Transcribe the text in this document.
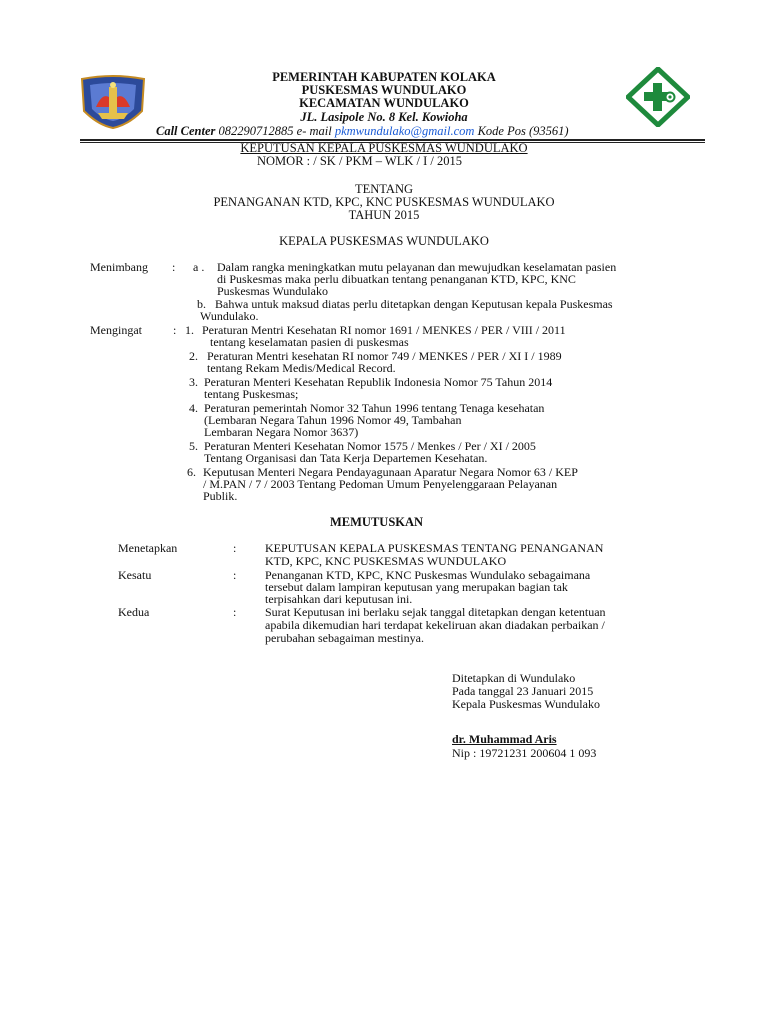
PEMERINTAH KABUPATEN KOLAKA
PUSKESMAS WUNDULAKO
KECAMATAN WUNDULAKO
JL. Lasipole No. 8 Kel. Kowioha
Call Center 082290712885 e- mail pkmwundulako@gmail.com Kode Pos (93561)
KEPUTUSAN KEPALA PUSKESMAS WUNDULAKO
NOMOR : / SK / PKM – WLK / I / 2015
TENTANG
PENANGANAN KTD, KPC, KNC PUSKESMAS WUNDULAKO
TAHUN 2015
KEPALA PUSKESMAS WUNDULAKO
Menimbang : a . Dalam rangka meningkatkan mutu pelayanan dan mewujudkan keselamatan pasien
di Puskesmas maka perlu dibuatkan tentang penanganan KTD, KPC, KNC
Puskesmas Wundulako
b. Bahwa untuk maksud diatas perlu ditetapkan dengan Keputusan kepala Puskesmas
Wundulako.
Mengingat	: 1. Peraturan Mentri Kesehatan RI nomor 1691 / MENKES / PER / VIII / 2011
tentang keselamatan pasien di puskesmas
2. Peraturan Mentri kesehatan RI nomor 749 / MENKES / PER / XI I / 1989
tentang Rekam Medis/Medical Record.
3. Peraturan Menteri Kesehatan Republik Indonesia Nomor 75 Tahun 2014
tentang Puskesmas;
4. Peraturan pemerintah Nomor 32 Tahun 1996 tentang Tenaga kesehatan
(Lembaran Negara Tahun 1996 Nomor 49, Tambahan
Lembaran Negara Nomor 3637)
5. Peraturan Menteri Kesehatan Nomor 1575 / Menkes / Per / XI / 2005
Tentang Organisasi dan Tata Kerja Departemen Kesehatan.
6. Keputusan Menteri Negara Pendayagunaan Aparatur Negara Nomor 63 / KEP
/ M.PAN / 7 / 2003 Tentang Pedoman Umum Penyelenggaraan Pelayanan
Publik.
MEMUTUSKAN
Menetapkan	: KEPUTUSAN KEPALA PUSKESMAS TENTANG PENANGANAN
KTD, KPC, KNC PUSKESMAS WUNDULAKO
Kesatu	: Penanganan KTD, KPC, KNC Puskesmas Wundulako sebagaimana
tersebut dalam lampiran keputusan yang merupakan bagian tak
terpisahkan dari keputusan ini.
Kedua	: Surat Keputusan ini berlaku sejak tanggal ditetapkan dengan ketentuan
apabila dikemudian hari terdapat kekeliruan akan diadakan perbaikan /
perubahan sebagaiman mestinya.
Ditetapkan di Wundulako
Pada tanggal 23 Januari 2015
Kepala Puskesmas Wundulako
dr. Muhammad Aris
Nip : 19721231 200604 1 093
